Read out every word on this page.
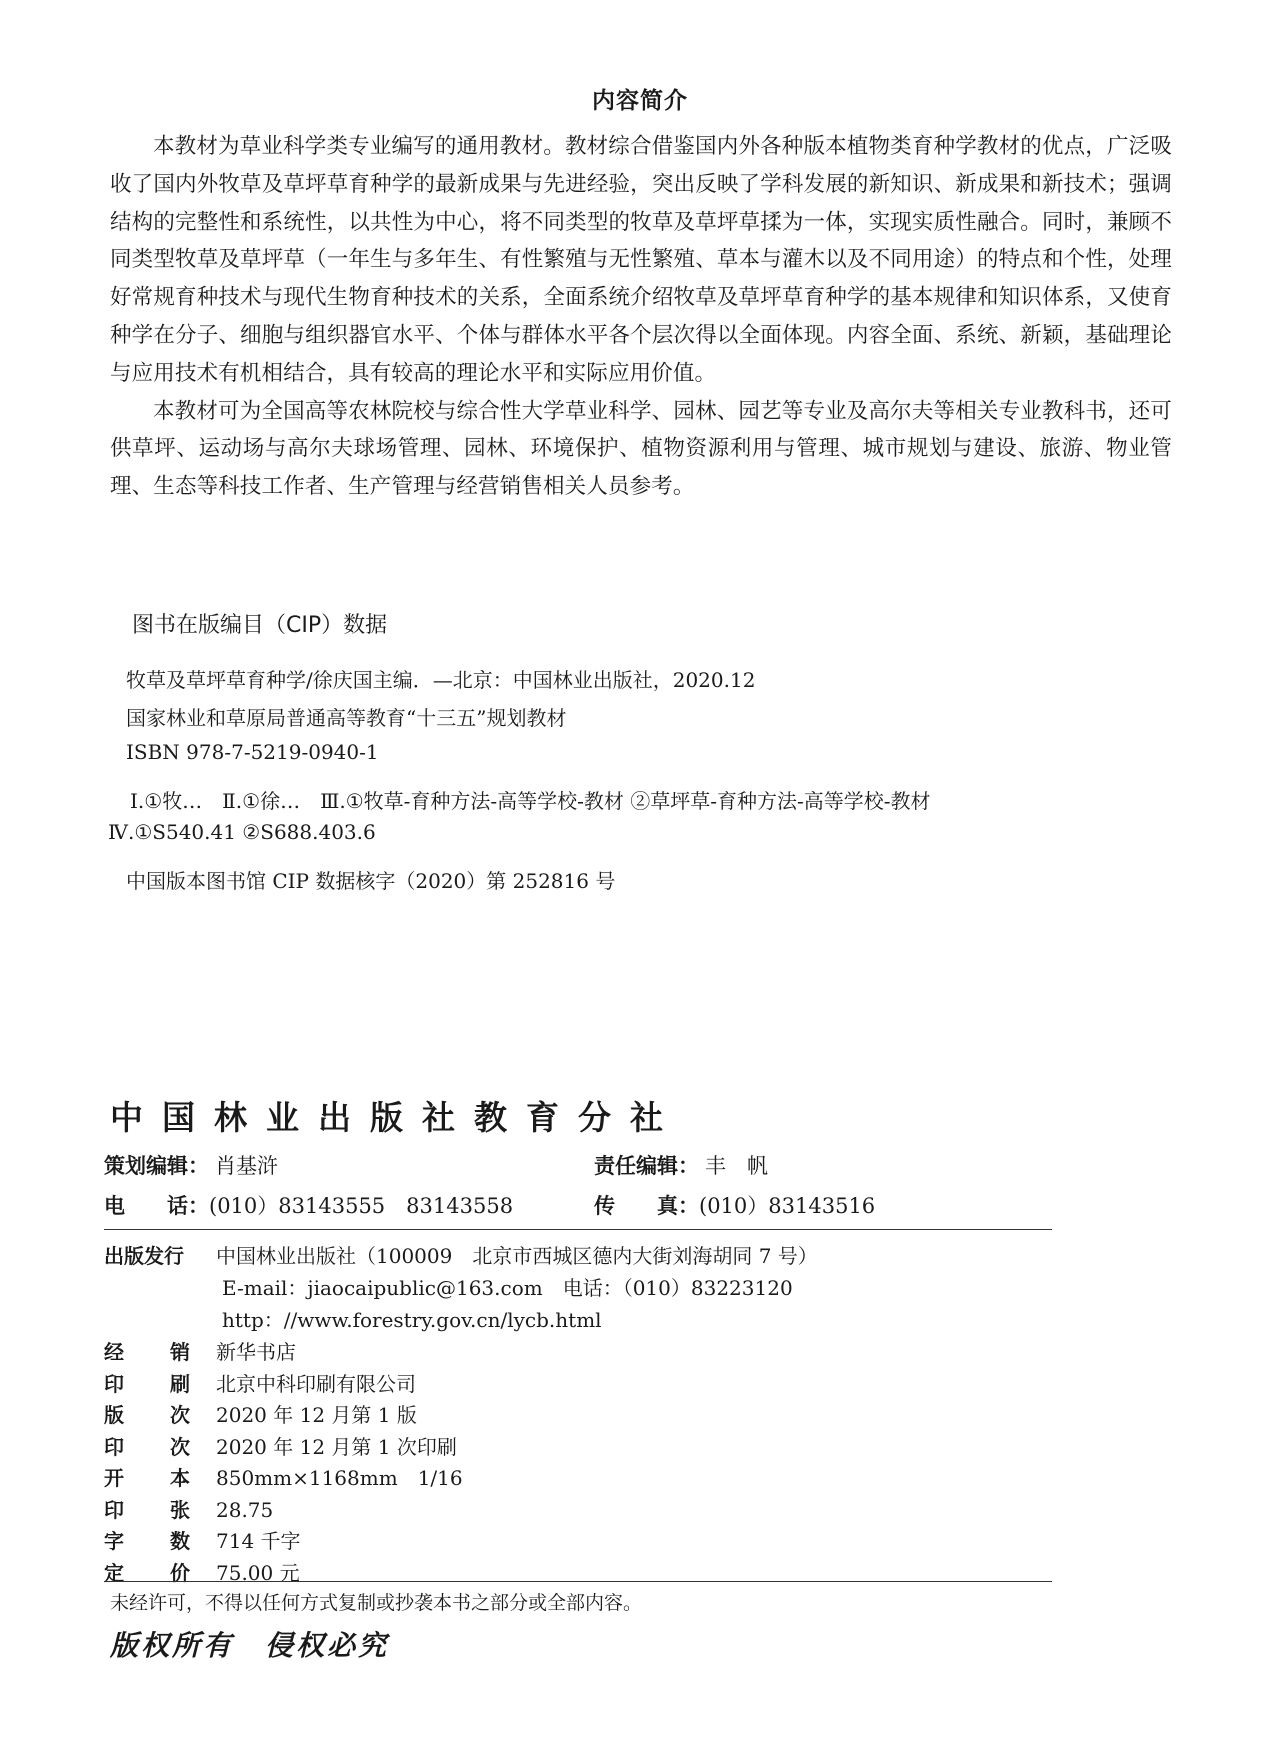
内容简介

本教材为草业科学类专业编写的通用教材。教材综合借鉴国内外各种版本植物类育种学教材的优点，广泛吸收了国内外牧草及草坪草育种学的最新成果与先进经验，突出反映了学科发展的新知识、新成果和新技术；强调结构的完整性和系统性，以共性为中心，将不同类型的牧草及草坪草揉为一体，实现实质性融合。同时，兼顾不同类型牧草及草坪草（一年生与多年生、有性繁殖与无性繁殖、草本与灌木以及不同用途）的特点和个性，处理好常规育种技术与现代生物育种技术的关系，全面系统介绍牧草及草坪草育种学的基本规律和知识体系，又使育种学在分子、细胞与组织器官水平、个体与群体水平各个层次得以全面体现。内容全面、系统、新颖，基础理论与应用技术有机相结合，具有较高的理论水平和实际应用价值。

本教材可为全国高等农林院校与综合性大学草业科学、园林、园艺等专业及高尔夫等相关专业教科书，还可供草坪、运动场与高尔夫球场管理、园林、环境保护、植物资源利用与管理、城市规划与建设、旅游、物业管理、生态等科技工作者、生产管理与经营销售相关人员参考。

图书在版编目（CIP）数据
牧草及草坪草育种学/徐庆国主编．—北京：中国林业出版社，2020.12
国家林业和草原局普通高等教育“十三五”规划教材
ISBN 978-7-5219-0940-1
Ⅰ.①牧…　Ⅱ.①徐…　Ⅲ.①牧草-育种方法-高等学校-教材 ②草坪草-育种方法-高等学校-教材
Ⅳ.①S540.41 ②S688.403.6
中国版本图书馆 CIP 数据核字（2020）第 252816 号
中国林业出版社教育分社
策划编辑： 肖基浒	责任编辑： 丰　帆
电　　话： (010）83143555　83143558	传　　真： (010）83143516
出版发行	中国林业出版社（100009　北京市西城区德内大街刘海胡同 7 号）
E-mail：jiaocaipublic@163.com　电话：（010）83223120
http：//www.forestry.gov.cn/lycb.html
经 销 新华书店
印 刷 北京中科印刷有限公司
版 次 2020 年 12 月第 1 版
印 次 2020 年 12 月第 1 次印刷
开 本 850mm×1168mm　1/16
印 张 28.75
字 数 714 千字
定 价 75.00 元
未经许可，不得以任何方式复制或抄袭本书之部分或全部内容。
版权所有　侵权必究
